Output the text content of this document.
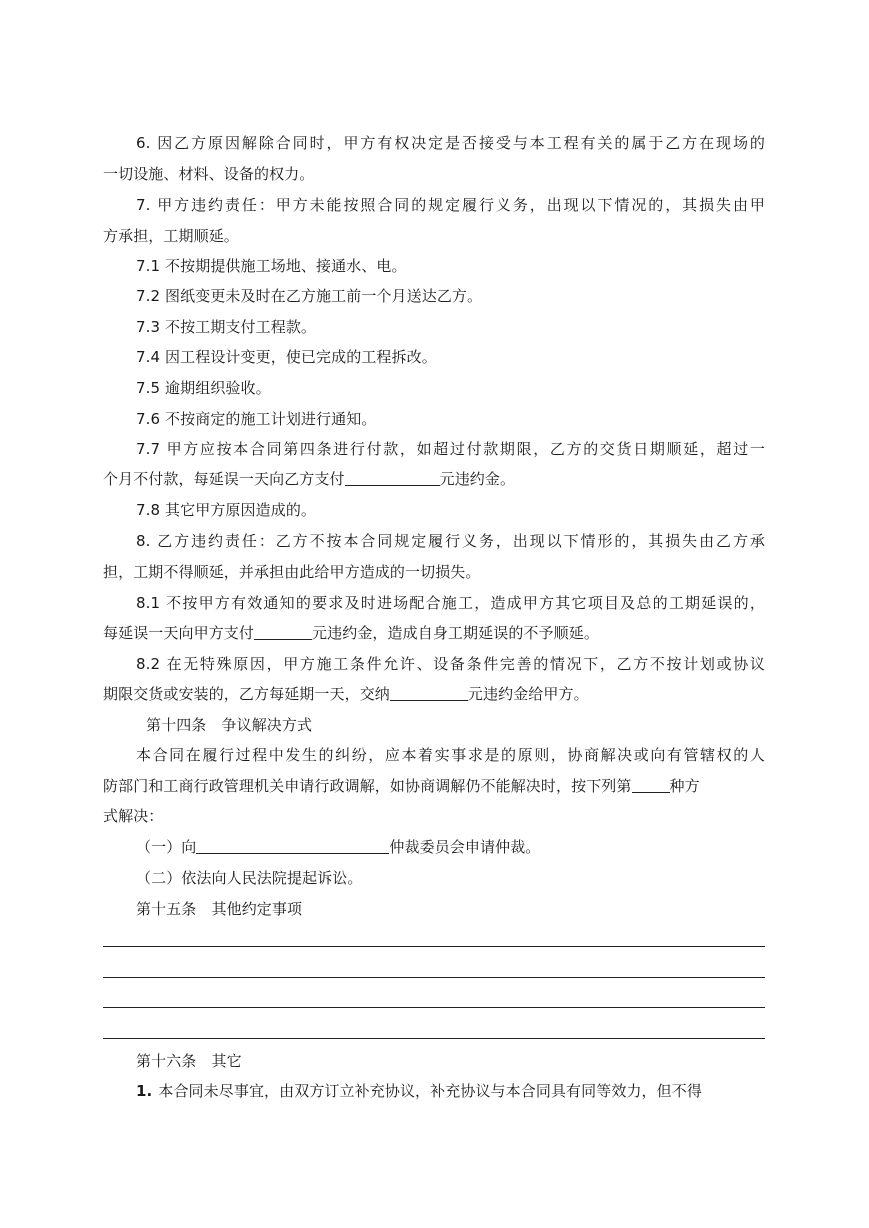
6. 因乙方原因解除合同时，甲方有权决定是否接受与本工程有关的属于乙方在现场的
一切设施、材料、设备的权力。
7. 甲方违约责任：甲方未能按照合同的规定履行义务，出现以下情况的，其损失由甲
方承担，工期顺延。
7.1 不按期提供施工场地、接通水、电。
7.2 图纸变更未及时在乙方施工前一个月送达乙方。
7.3 不按工期支付工程款。
7.4 因工程设计变更，使已完成的工程拆改。
7.5 逾期组织验收。
7.6 不按商定的施工计划进行通知。
7.7 甲方应按本合同第四条进行付款，如超过付款期限，乙方的交货日期顺延，超过一
个月不付款，每延误一天向乙方支付	元违约金。
7.8 其它甲方原因造成的。
8. 乙方违约责任：乙方不按本合同规定履行义务，出现以下情形的，其损失由乙方承
担，工期不得顺延，并承担由此给甲方造成的一切损失。
8.1 不按甲方有效通知的要求及时进场配合施工，造成甲方其它项目及总的工期延误的，
每延误一天向甲方支付	元违约金，造成自身工期延误的不予顺延。
8.2 在无特殊原因，甲方施工条件允许、设备条件完善的情况下，乙方不按计划或协议
期限交货或安装的，乙方每延期一天，交纳	元违约金给甲方。
第十四条　争议解决方式
本合同在履行过程中发生的纠纷，应本着实事求是的原则，协商解决或向有管辖权的人
防部门和工商行政管理机关申请行政调解，如协商调解仍不能解决时，按下列第	种方
式解决：
（一）向	仲裁委员会申请仲裁。
（二）依法向人民法院提起诉讼。
第十五条　其他约定事项
第十六条　其它
1. 本合同未尽事宜，由双方订立补充协议，补充协议与本合同具有同等效力，但不得
